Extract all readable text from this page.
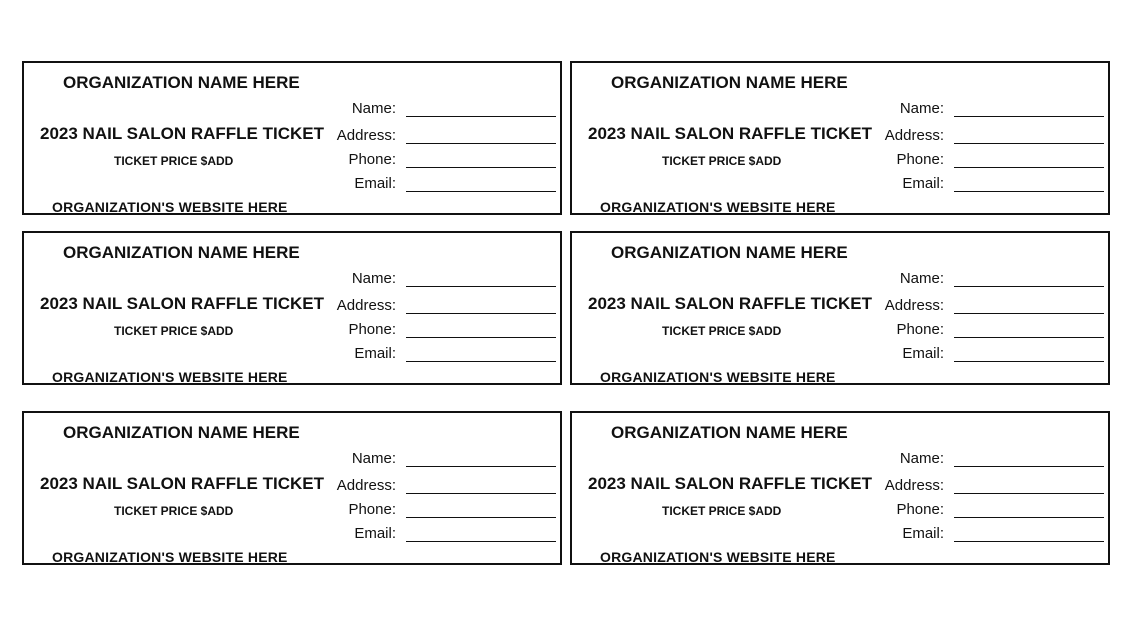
ORGANIZATION NAME HERE
2023 NAIL SALON RAFFLE TICKET
TICKET PRICE $ADD
ORGANIZATION'S WEBSITE HERE
Name:
Address:
Phone:
Email:
ORGANIZATION NAME HERE
2023 NAIL SALON RAFFLE TICKET
TICKET PRICE $ADD
ORGANIZATION'S WEBSITE HERE
Name:
Address:
Phone:
Email:
ORGANIZATION NAME HERE
2023 NAIL SALON RAFFLE TICKET
TICKET PRICE $ADD
ORGANIZATION'S WEBSITE HERE
Name:
Address:
Phone:
Email:
ORGANIZATION NAME HERE
2023 NAIL SALON RAFFLE TICKET
TICKET PRICE $ADD
ORGANIZATION'S WEBSITE HERE
Name:
Address:
Phone:
Email:
ORGANIZATION NAME HERE
2023 NAIL SALON RAFFLE TICKET
TICKET PRICE $ADD
ORGANIZATION'S WEBSITE HERE
Name:
Address:
Phone:
Email:
ORGANIZATION NAME HERE
2023 NAIL SALON RAFFLE TICKET
TICKET PRICE $ADD
ORGANIZATION'S WEBSITE HERE
Name:
Address:
Phone:
Email:
